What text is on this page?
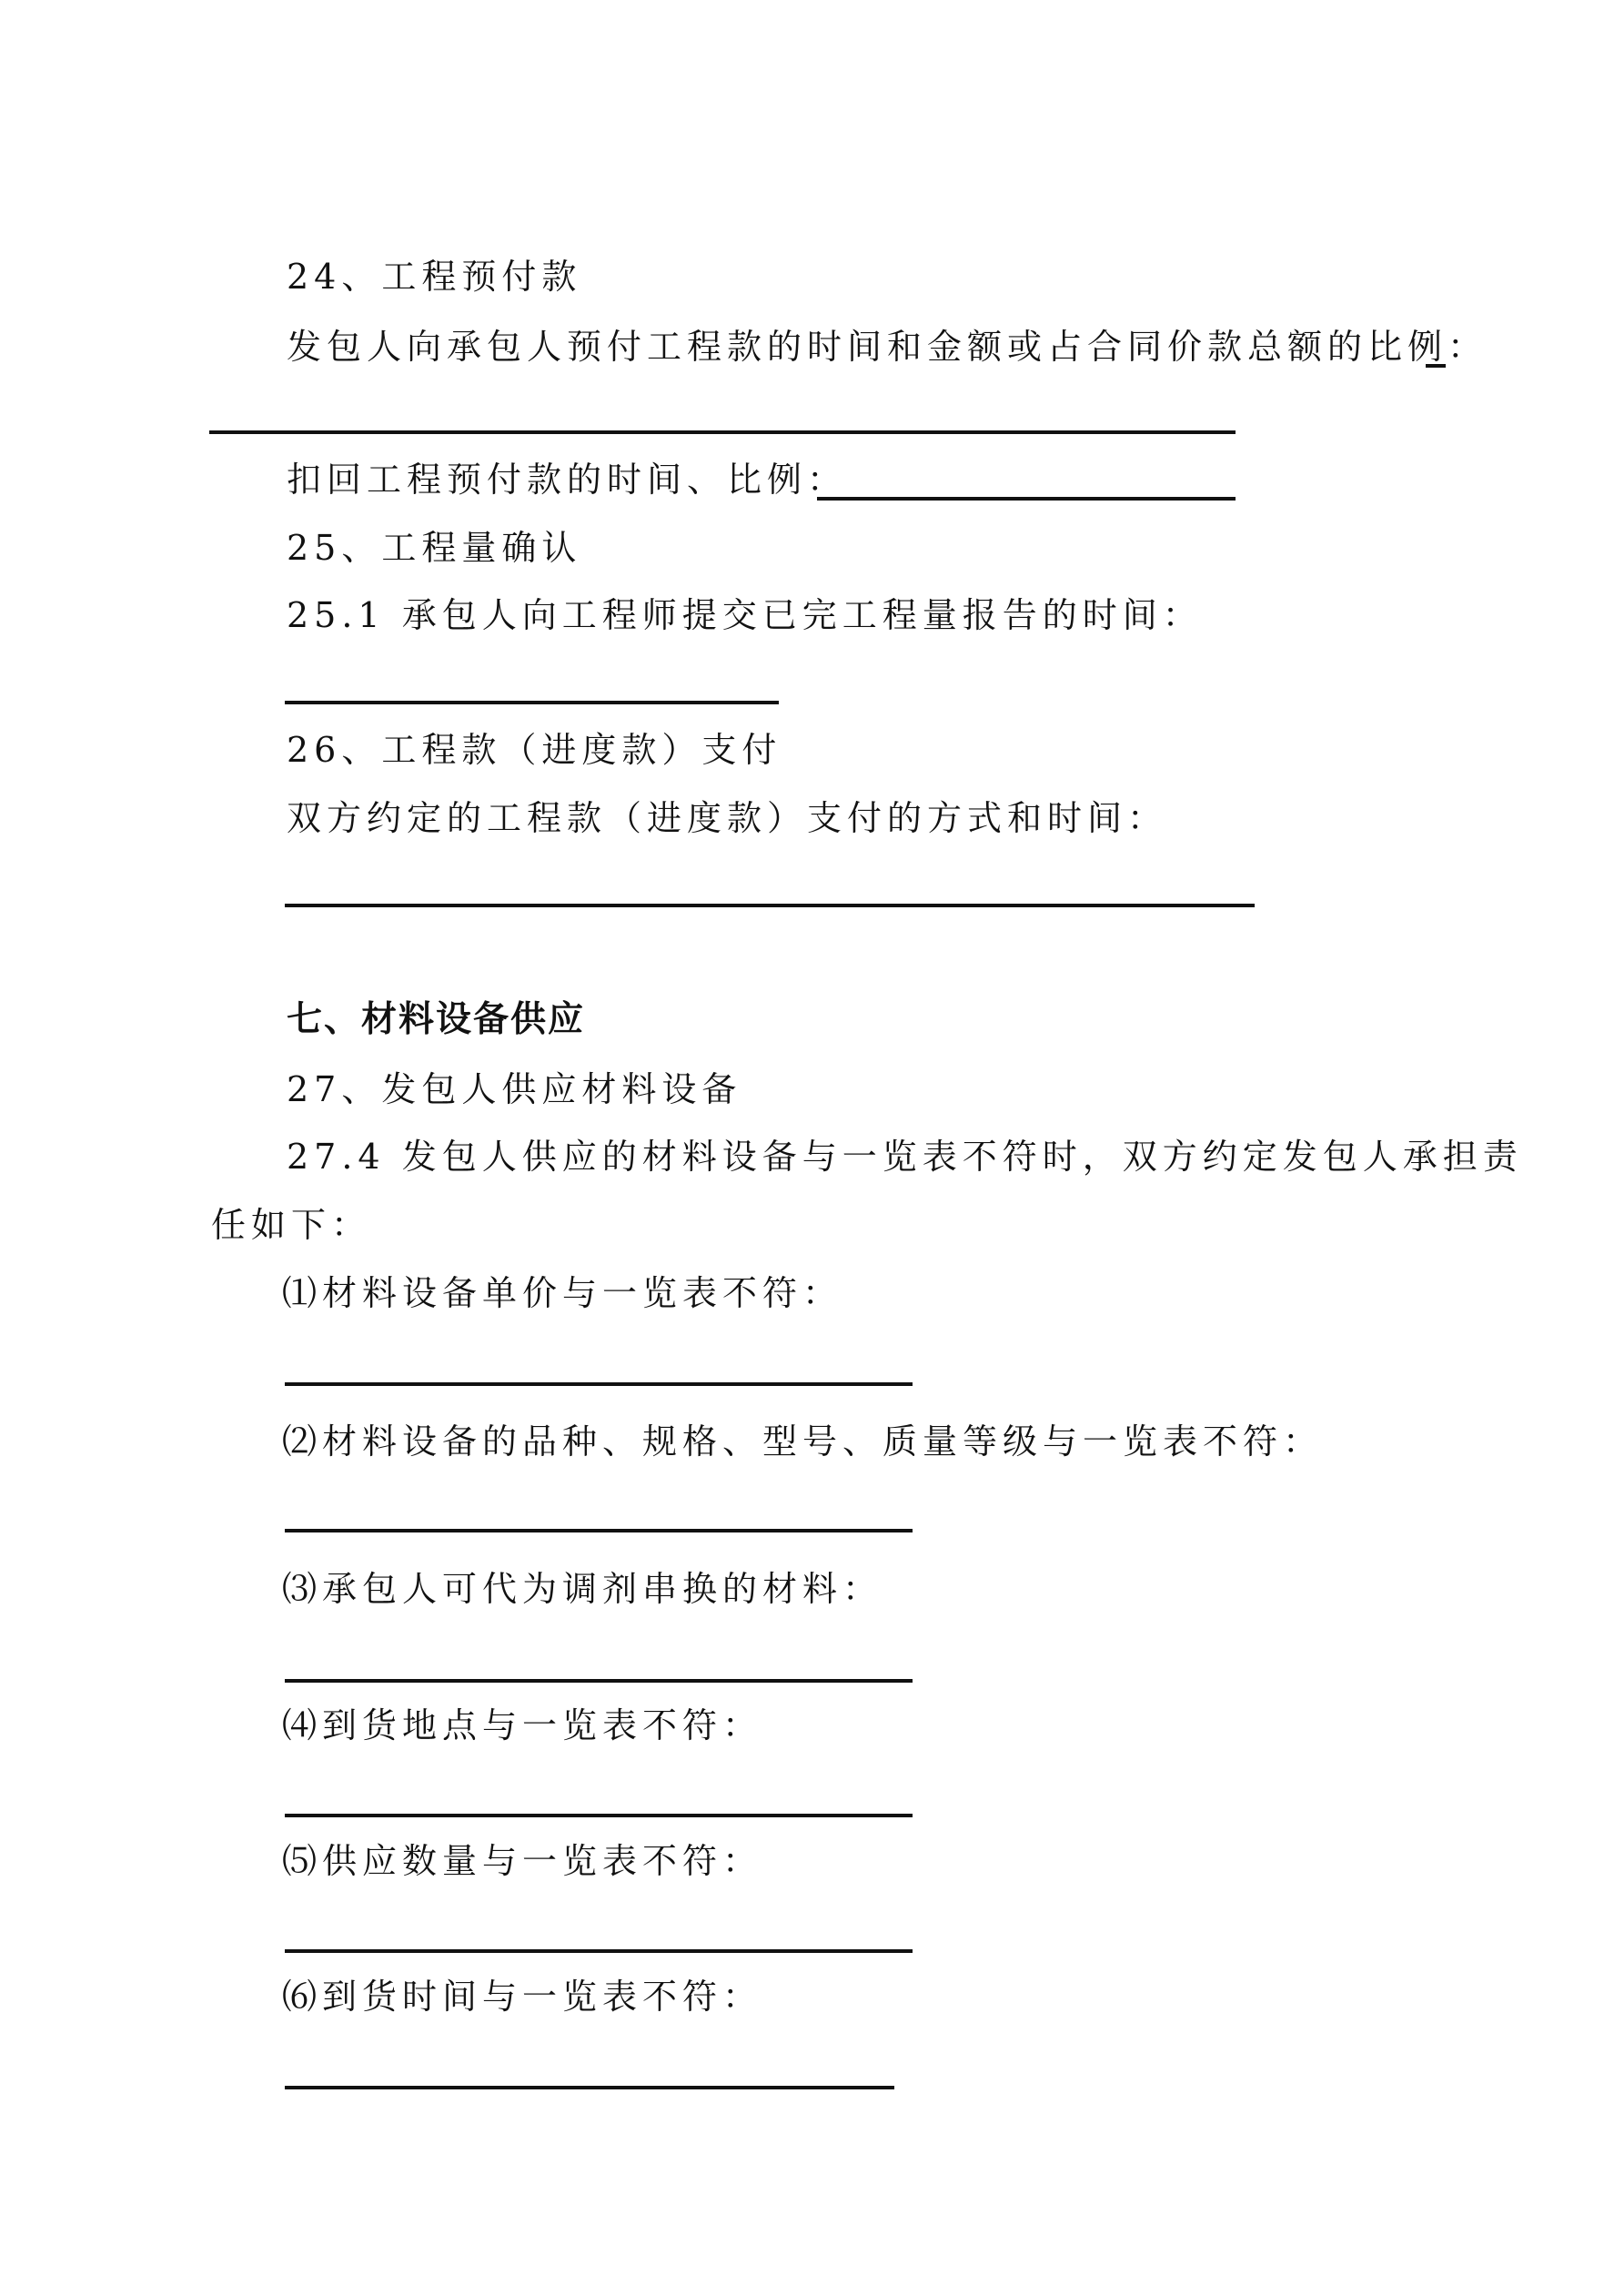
24、工程预付款
发包人向承包人预付工程款的时间和金额或占合同价款总额的比例：
扣回工程预付款的时间、比例：
25、工程量确认
25.1 承包人向工程师提交已完工程量报告的时间：
26、工程款（进度款）支付
双方约定的工程款（进度款）支付的方式和时间：
七、材料设备供应
27、发包人供应材料设备
27.4 发包人供应的材料设备与一览表不符时，双方约定发包人承担责
任如下：
⑴材料设备单价与一览表不符：
⑵材料设备的品种、规格、型号、质量等级与一览表不符：
⑶承包人可代为调剂串换的材料：
⑷到货地点与一览表不符：
⑸供应数量与一览表不符：
⑹到货时间与一览表不符：
